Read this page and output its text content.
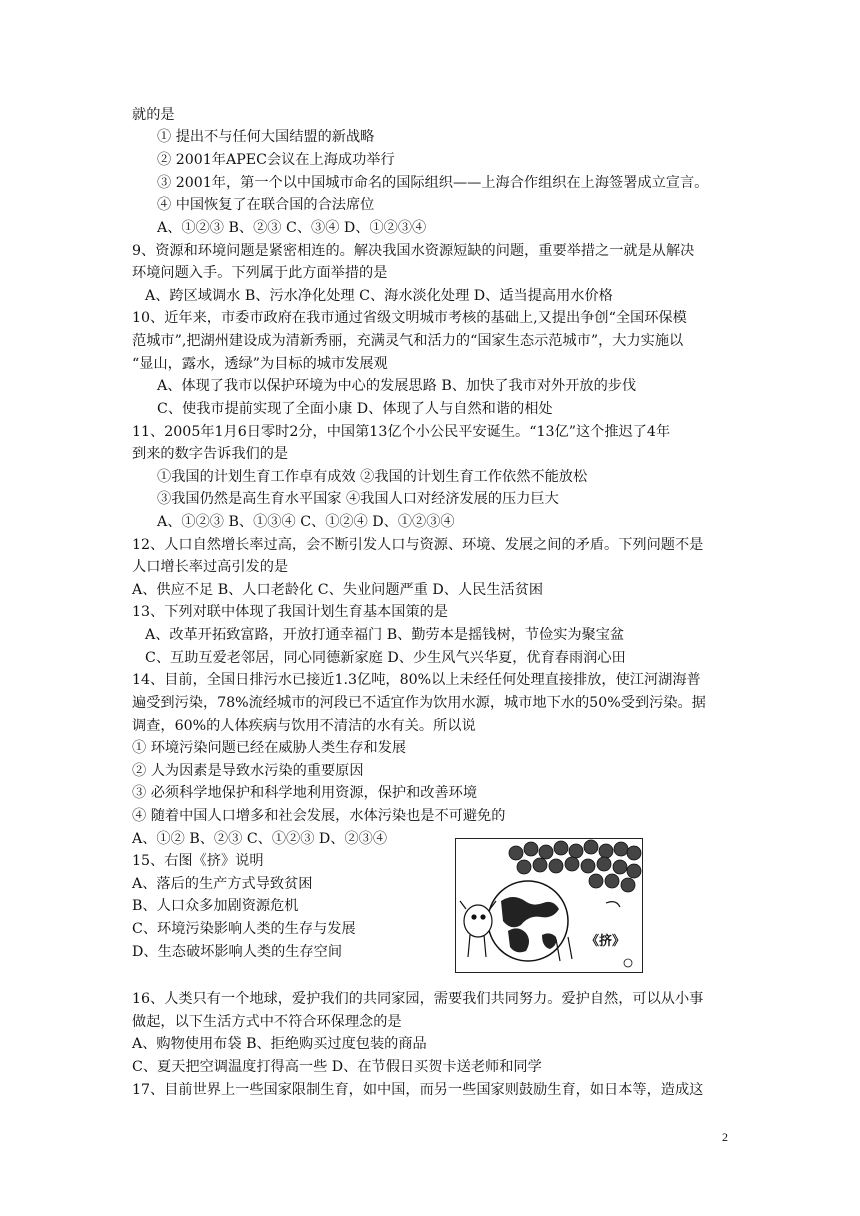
就的是
① 提出不与任何大国结盟的新战略
② 2001年APEC会议在上海成功举行
③ 2001年，第一个以中国城市命名的国际组织——上海合作组织在上海签署成立宣言。
④ 中国恢复了在联合国的合法席位
A、①②③ B、②③ C、③④ D、①②③④
9、资源和环境问题是紧密相连的。解决我国水资源短缺的问题，重要举措之一就是从解决
环境问题入手。下列属于此方面举措的是
A、跨区域调水 B、污水净化处理 C、海水淡化处理 D、适当提高用水价格
10、近年来，市委市政府在我市通过省级文明城市考核的基础上,又提出争创“全国环保模
范城市”,把湖州建设成为清新秀丽，充满灵气和活力的“国家生态示范城市”，大力实施以
“显山，露水，透绿”为目标的城市发展观
A、体现了我市以保护环境为中心的发展思路 B、加快了我市对外开放的步伐
C、使我市提前实现了全面小康 D、体现了人与自然和谐的相处
11、2005年1月6日零时2分，中国第13亿个小公民平安诞生。“13亿”这个推迟了4年
到来的数字告诉我们的是
①我国的计划生育工作卓有成效 ②我国的计划生育工作依然不能放松
③我国仍然是高生育水平国家 ④我国人口对经济发展的压力巨大
A、①②③ B、①③④ C、①②④ D、①②③④
12、人口自然增长率过高，会不断引发人口与资源、环境、发展之间的矛盾。下列问题不是
人口增长率过高引发的是
A、供应不足 B、人口老龄化 C、失业问题严重 D、人民生活贫困
13、下列对联中体现了我国计划生育基本国策的是
A、改革开拓致富路，开放打通幸福门 B、勤劳本是摇钱树，节俭实为聚宝盆
C、互助互爱老邻居，同心同德新家庭 D、少生风气兴华夏，优育春雨润心田
14、目前，全国日排污水已接近1.3亿吨，80%以上未经任何处理直接排放，使江河湖海普
遍受到污染，78%流经城市的河段已不适宜作为饮用水源，城市地下水的50%受到污染。据
调查，60%的人体疾病与饮用不清洁的水有关。所以说
① 环境污染问题已经在威胁人类生存和发展
② 人为因素是导致水污染的重要原因
③ 必须科学地保护和科学地利用资源，保护和改善环境
④ 随着中国人口增多和社会发展，水体污染也是不可避免的
A、①② B、②③ C、①②③ D、②③④
15、右图《挤》说明
A、落后的生产方式导致贫困
B、人口众多加剧资源危机
C、环境污染影响人类的生存与发展
D、生态破坏影响人类的生存空间
16、人类只有一个地球，爱护我们的共同家园，需要我们共同努力。爱护自然，可以从小事
做起，以下生活方式中不符合环保理念的是
A、购物使用布袋 B、拒绝购买过度包装的商品
C、夏天把空调温度打得高一些 D、在节假日买贺卡送老师和同学
17、目前世界上一些国家限制生育，如中国，而另一些国家则鼓励生育，如日本等，造成这
《挤》
2
